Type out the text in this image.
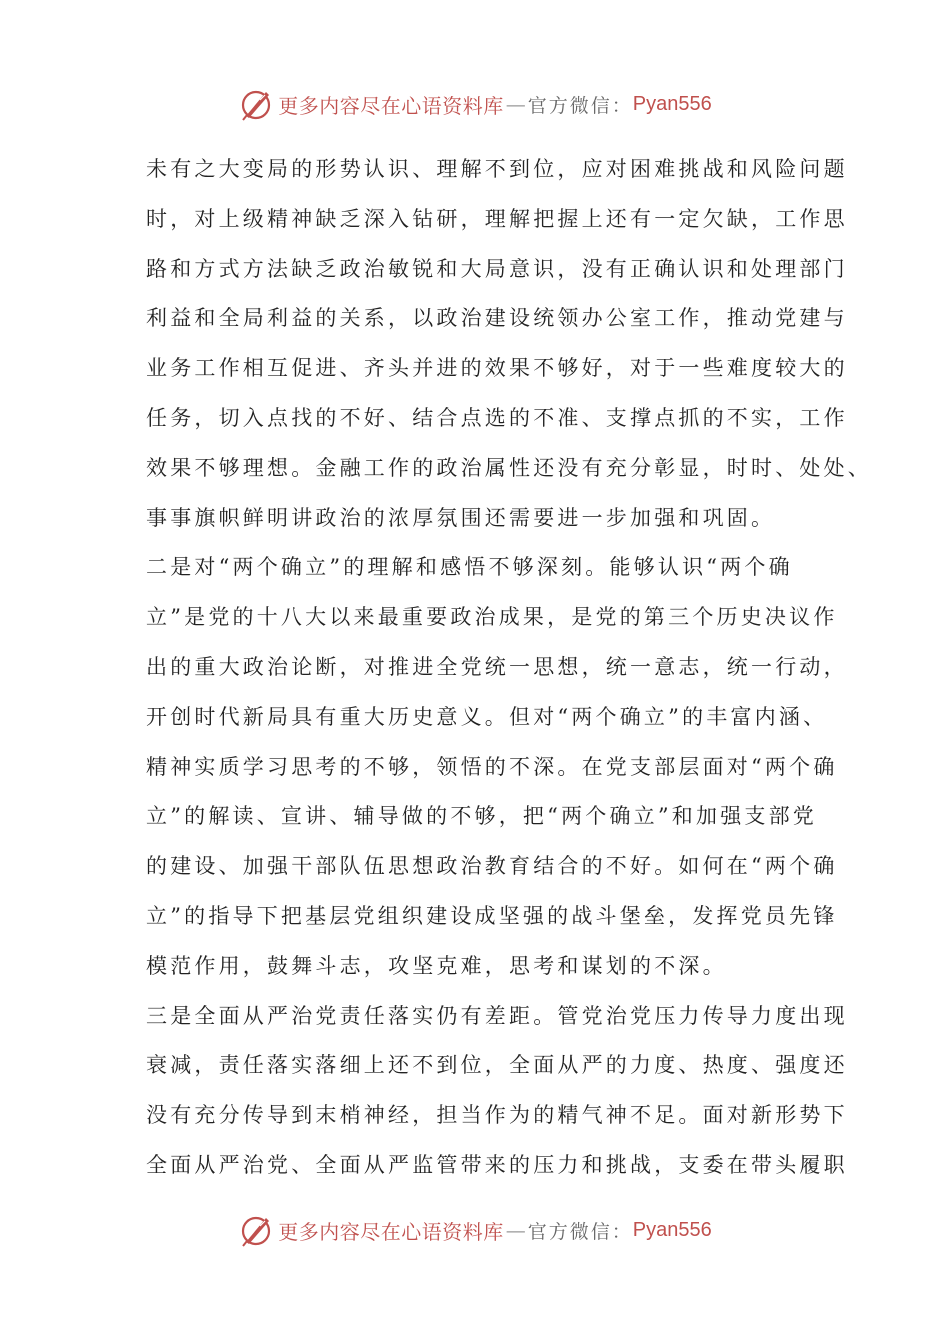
更多内容尽在心语资料库 — 官方微信： Pyan556
未有之大变局的形势认识、理解不到位，应对困难挑战和风险问题
时，对上级精神缺乏深入钻研，理解把握上还有一定欠缺，工作思
路和方式方法缺乏政治敏锐和大局意识，没有正确认识和处理部门
利益和全局利益的关系，以政治建设统领办公室工作，推动党建与
业务工作相互促进、齐头并进的效果不够好，对于一些难度较大的
任务，切入点找的不好、结合点选的不准、支撑点抓的不实，工作
效果不够理想。金融工作的政治属性还没有充分彰显，时时、处处、
事事旗帜鲜明讲政治的浓厚氛围还需要进一步加强和巩固。
二是对“两个确立”的理解和感悟不够深刻。能够认识“两个确
立”是党的十八大以来最重要政治成果，是党的第三个历史决议作
出的重大政治论断，对推进全党统一思想，统一意志，统一行动，
开创时代新局具有重大历史意义。但对“两个确立”的丰富内涵、
精神实质学习思考的不够，领悟的不深。在党支部层面对“两个确
立”的解读、宣讲、辅导做的不够，把“两个确立”和加强支部党
的建设、加强干部队伍思想政治教育结合的不好。如何在“两个确
立”的指导下把基层党组织建设成坚强的战斗堡垒，发挥党员先锋
模范作用，鼓舞斗志，攻坚克难，思考和谋划的不深。
三是全面从严治党责任落实仍有差距。管党治党压力传导力度出现
衰减，责任落实落细上还不到位，全面从严的力度、热度、强度还
没有充分传导到末梢神经，担当作为的精气神不足。面对新形势下
全面从严治党、全面从严监管带来的压力和挑战，支委在带头履职
更多内容尽在心语资料库 — 官方微信： Pyan556
